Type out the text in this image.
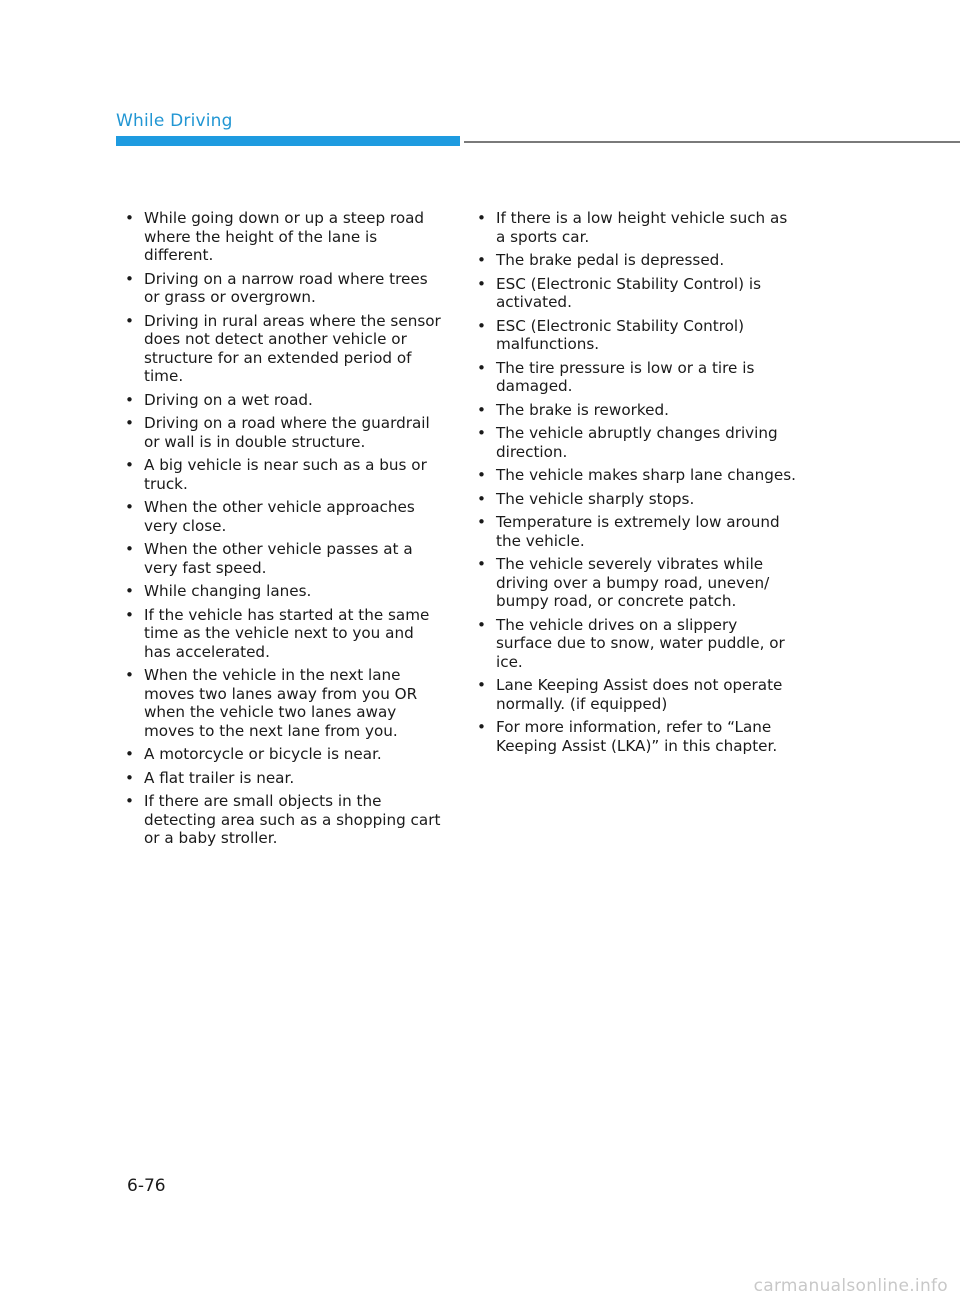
While Driving
• While going down or up a steep road where the height of the lane is different.
• Driving on a narrow road where trees or grass or overgrown.
• Driving in rural areas where the sensor does not detect another vehicle or structure for an extended period of time.
• Driving on a wet road.
• Driving on a road where the guardrail or wall is in double structure.
• A big vehicle is near such as a bus or truck.
• When the other vehicle approaches very close.
• When the other vehicle passes at a very fast speed.
• While changing lanes.
• If the vehicle has started at the same time as the vehicle next to you and has accelerated.
• When the vehicle in the next lane moves two lanes away from you OR when the vehicle two lanes away moves to the next lane from you.
• A motorcycle or bicycle is near.
• A flat trailer is near.
• If there are small objects in the detecting area such as a shopping cart or a baby stroller.
• If there is a low height vehicle such as a sports car.
• The brake pedal is depressed.
• ESC (Electronic Stability Control) is activated.
• ESC (Electronic Stability Control) malfunctions.
• The tire pressure is low or a tire is damaged.
• The brake is reworked.
• The vehicle abruptly changes driving direction.
• The vehicle makes sharp lane changes.
• The vehicle sharply stops.
• Temperature is extremely low around the vehicle.
• The vehicle severely vibrates while driving over a bumpy road, uneven/ bumpy road, or concrete patch.
• The vehicle drives on a slippery surface due to snow, water puddle, or ice.
• Lane Keeping Assist does not operate normally. (if equipped)
• For more information, refer to “Lane Keeping Assist (LKA)” in this chapter.
6-76
carmanualsonline.info
